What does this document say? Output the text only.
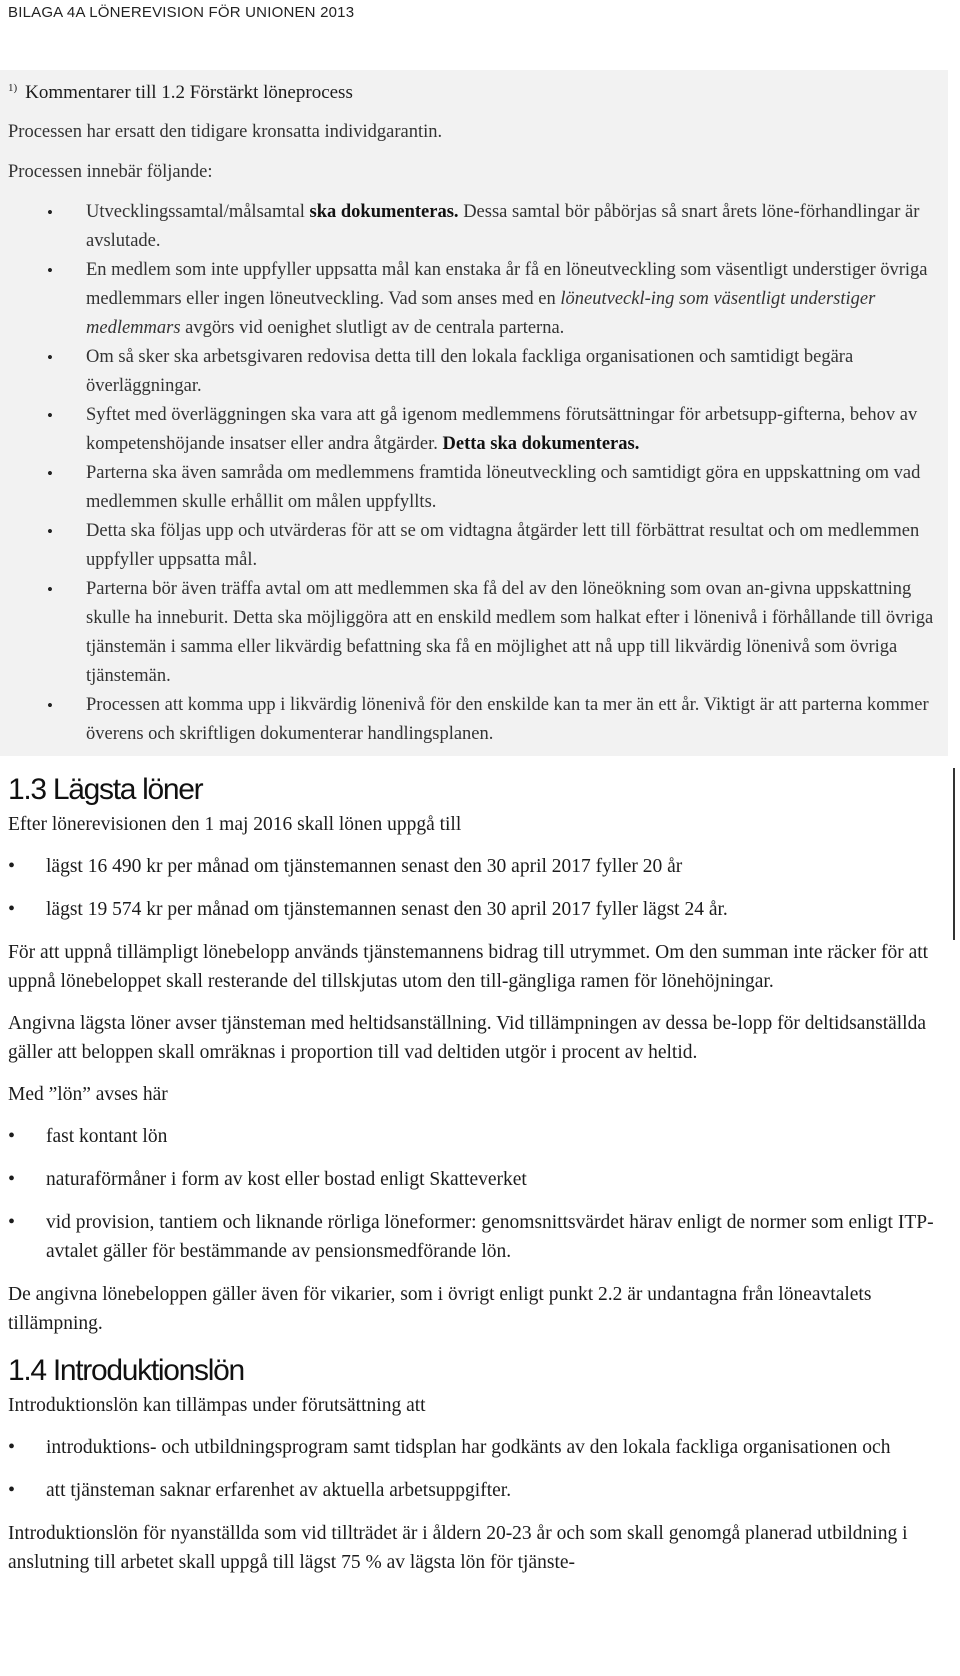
BILAGA 4A LÖNEREVISION FÖR UNIONEN 2013
$^{1)}$ Kommentarer till 1.2 Förstärkt löneprocess

Processen har ersatt den tidigare kronsatta individgarantin.

Processen innebär följande:

• Utvecklingssamtal/målsamtal ska dokumenteras. Dessa samtal bör påbörjas så snart årets löne-förhandlingar är avslutade.
• En medlem som inte uppfyller uppsatta mål kan enstaka år få en löneutveckling som väsentligt understiger övriga medlemmars eller ingen löneutveckling. Vad som anses med en löneutveckl-ing som väsentligt understiger medlemmars avgörs vid oenighet slutligt av de centrala parterna.
• Om så sker ska arbetsgivaren redovisa detta till den lokala fackliga organisationen och samtidigt begära överläggningar.
• Syftet med överläggningen ska vara att gå igenom medlemmens förutsättningar för arbetsupp-gifterna, behov av kompetenshöjande insatser eller andra åtgärder. Detta ska dokumenteras.
• Parterna ska även samråda om medlemmens framtida löneutveckling och samtidigt göra en uppskattning om vad medlemmen skulle erhållit om målen uppfyllts.
• Detta ska följas upp och utvärderas för att se om vidtagna åtgärder lett till förbättrat resultat och om medlemmen uppfyller uppsatta mål.
• Parterna bör även träffa avtal om att medlemmen ska få del av den löneökning som ovan an-givna uppskattning skulle ha inneburit. Detta ska möjliggöra att en enskild medlem som halkat efter i lönenivå i förhållande till övriga tjänstemän i samma eller likvärdig befattning ska få en möjlighet att nå upp till likvärdig lönenivå som övriga tjänstemän.
• Processen att komma upp i likvärdig lönenivå för den enskilde kan ta mer än ett år. Viktigt är att parterna kommer överens och skriftligen dokumenterar handlingsplanen.
1.3 Lägsta löner

Efter lönerevisionen den 1 maj 2016 skall lönen uppgå till

• lägst 16 490 kr per månad om tjänstemannen senast den 30 april 2017 fyller 20 år
• lägst 19 574 kr per månad om tjänstemannen senast den 30 april 2017 fyller lägst 24 år.

För att uppnå tillämpligt lönebelopp används tjänstemannens bidrag till utrymmet. Om den summan inte räcker för att uppnå lönebeloppet skall resterande del tillskjutas utom den till-gängliga ramen för lönehöjningar.

Angivna lägsta löner avser tjänsteman med heltidsanställning. Vid tillämpningen av dessa be-lopp för deltidsanställda gäller att beloppen skall omräknas i proportion till vad deltiden utgör i procent av heltid.

Med ”lön” avses här

• fast kontant lön
• naturaförmåner i form av kost eller bostad enligt Skatteverket
• vid provision, tantiem och liknande rörliga löneformer: genomsnittsvärdet härav enligt de normer som enligt ITP-avtalet gäller för bestämmande av pensionsmedförande lön.

De angivna lönebeloppen gäller även för vikarier, som i övrigt enligt punkt 2.2 är undantagna från löneavtalets tillämpning.

1.4 Introduktionslön

Introduktionslön kan tillämpas under förutsättning att

• introduktions- och utbildningsprogram samt tidsplan har godkänts av den lokala fackliga organisationen och
• att tjänsteman saknar erfarenhet av aktuella arbetsuppgifter.

Introduktionslön för nyanställda som vid tillträdet är i åldern 20-23 år och som skall genomgå planerad utbildning i anslutning till arbetet skall uppgå till lägst 75 % av lägsta lön för tjänste-
